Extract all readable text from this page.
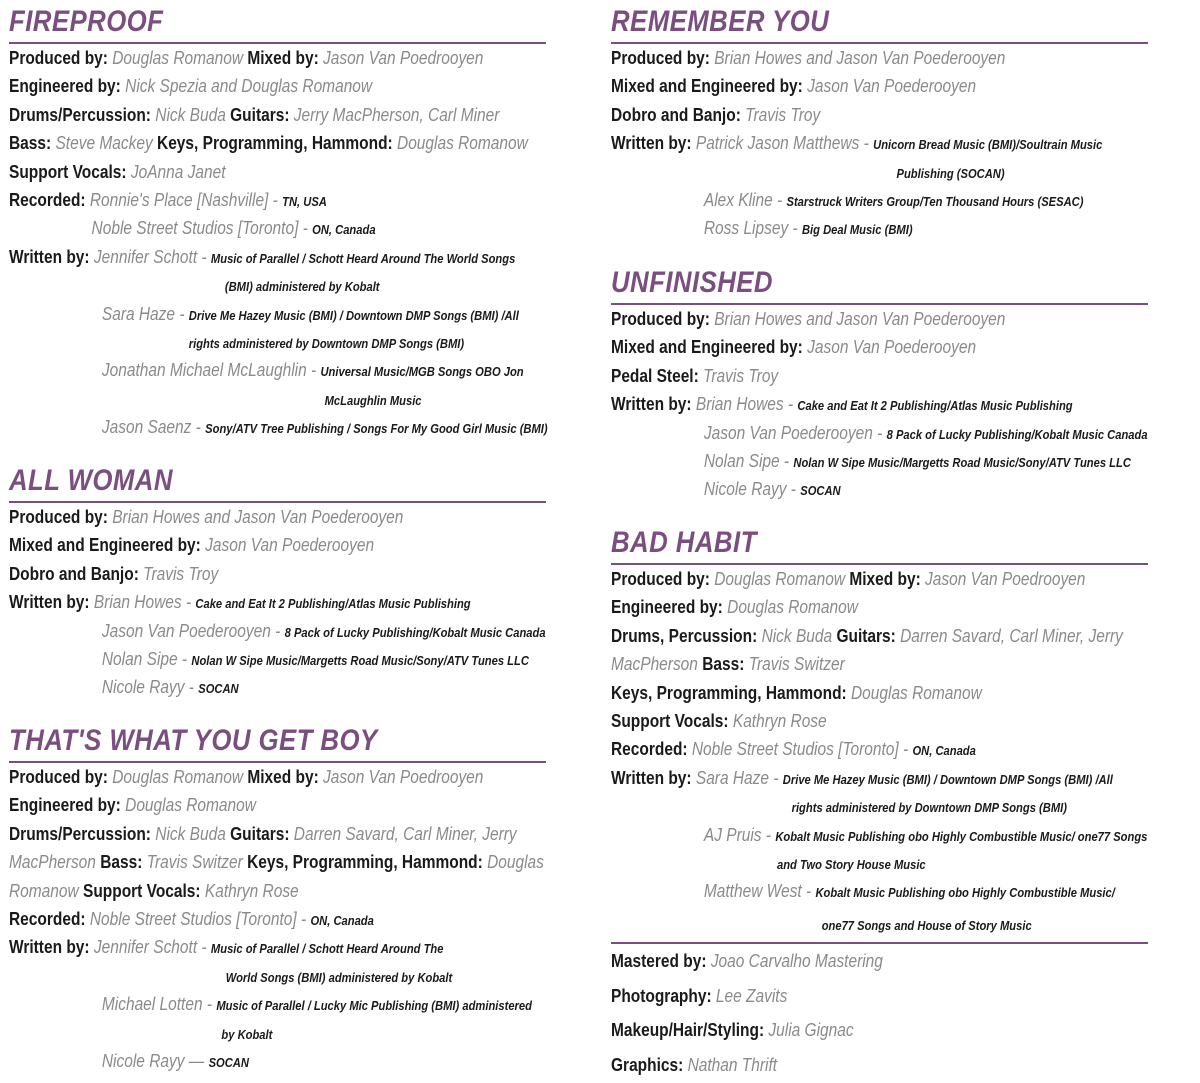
FIREPROOF
Produced by: Douglas Romanow Mixed by: Jason Van Poedrooyen
Engineered by: Nick Spezia and Douglas Romanow
Drums/Percussion: Nick Buda Guitars: Jerry MacPherson, Carl Miner
Bass: Steve Mackey Keys, Programming, Hammond: Douglas Romanow
Support Vocals: JoAnna Janet
Recorded: Ronnie's Place [Nashville] - TN, USA
Noble Street Studios [Toronto] - ON, Canada
Written by: Jennifer Schott - Music of Parallel / Schott Heard Around The World Songs
(BMI) administered by Kobalt
Sara Haze - Drive Me Hazey Music (BMI) / Downtown DMP Songs (BMI) /All
rights administered by Downtown DMP Songs (BMI)
Jonathan Michael McLaughlin - Universal Music/MGB Songs OBO Jon
McLaughlin Music
Jason Saenz - Sony/ATV Tree Publishing / Songs For My Good Girl Music (BMI)
ALL WOMAN
Produced by: Brian Howes and Jason Van Poederooyen
Mixed and Engineered by: Jason Van Poederooyen
Dobro and Banjo: Travis Troy
Written by: Brian Howes - Cake and Eat It 2 Publishing/Atlas Music Publishing
Jason Van Poederooyen - 8 Pack of Lucky Publishing/Kobalt Music Canada
Nolan Sipe - Nolan W Sipe Music/Margetts Road Music/Sony/ATV Tunes LLC
Nicole Rayy - SOCAN
THAT'S WHAT YOU GET BOY
Produced by: Douglas Romanow Mixed by: Jason Van Poedrooyen
Engineered by: Douglas Romanow
Drums/Percussion: Nick Buda Guitars: Darren Savard, Carl Miner, Jerry
MacPherson Bass: Travis Switzer Keys, Programming, Hammond: Douglas
Romanow Support Vocals: Kathryn Rose
Recorded: Noble Street Studios [Toronto] - ON, Canada
Written by: Jennifer Schott - Music of Parallel / Schott Heard Around The
World Songs (BMI) administered by Kobalt
Michael Lotten - Music of Parallel / Lucky Mic Publishing (BMI) administered
by Kobalt
Nicole Rayy — SOCAN
REMEMBER YOU
Produced by: Brian Howes and Jason Van Poederooyen
Mixed and Engineered by: Jason Van Poederooyen
Dobro and Banjo: Travis Troy
Written by: Patrick Jason Matthews - Unicorn Bread Music (BMI)/Soultrain Music
Publishing (SOCAN)
Alex Kline - Starstruck Writers Group/Ten Thousand Hours (SESAC)
Ross Lipsey - Big Deal Music (BMI)
UNFINISHED
Produced by: Brian Howes and Jason Van Poederooyen
Mixed and Engineered by: Jason Van Poederooyen
Pedal Steel: Travis Troy
Written by: Brian Howes - Cake and Eat It 2 Publishing/Atlas Music Publishing
Jason Van Poederooyen - 8 Pack of Lucky Publishing/Kobalt Music Canada
Nolan Sipe - Nolan W Sipe Music/Margetts Road Music/Sony/ATV Tunes LLC
Nicole Rayy - SOCAN
BAD HABIT
Produced by: Douglas Romanow Mixed by: Jason Van Poedrooyen
Engineered by: Douglas Romanow
Drums, Percussion: Nick Buda Guitars: Darren Savard, Carl Miner, Jerry
MacPherson Bass: Travis Switzer
Keys, Programming, Hammond: Douglas Romanow
Support Vocals: Kathryn Rose
Recorded: Noble Street Studios [Toronto] - ON, Canada
Written by: Sara Haze - Drive Me Hazey Music (BMI) / Downtown DMP Songs (BMI) /All
rights administered by Downtown DMP Songs (BMI)
AJ Pruis - Kobalt Music Publishing obo Highly Combustible Music/ one77 Songs
and Two Story House Music
Matthew West - Kobalt Music Publishing obo Highly Combustible Music/
one77 Songs and House of Story Music
Mastered by: Joao Carvalho Mastering
Photography: Lee Zavits
Makeup/Hair/Styling: Julia Gignac
Graphics: Nathan Thrift
